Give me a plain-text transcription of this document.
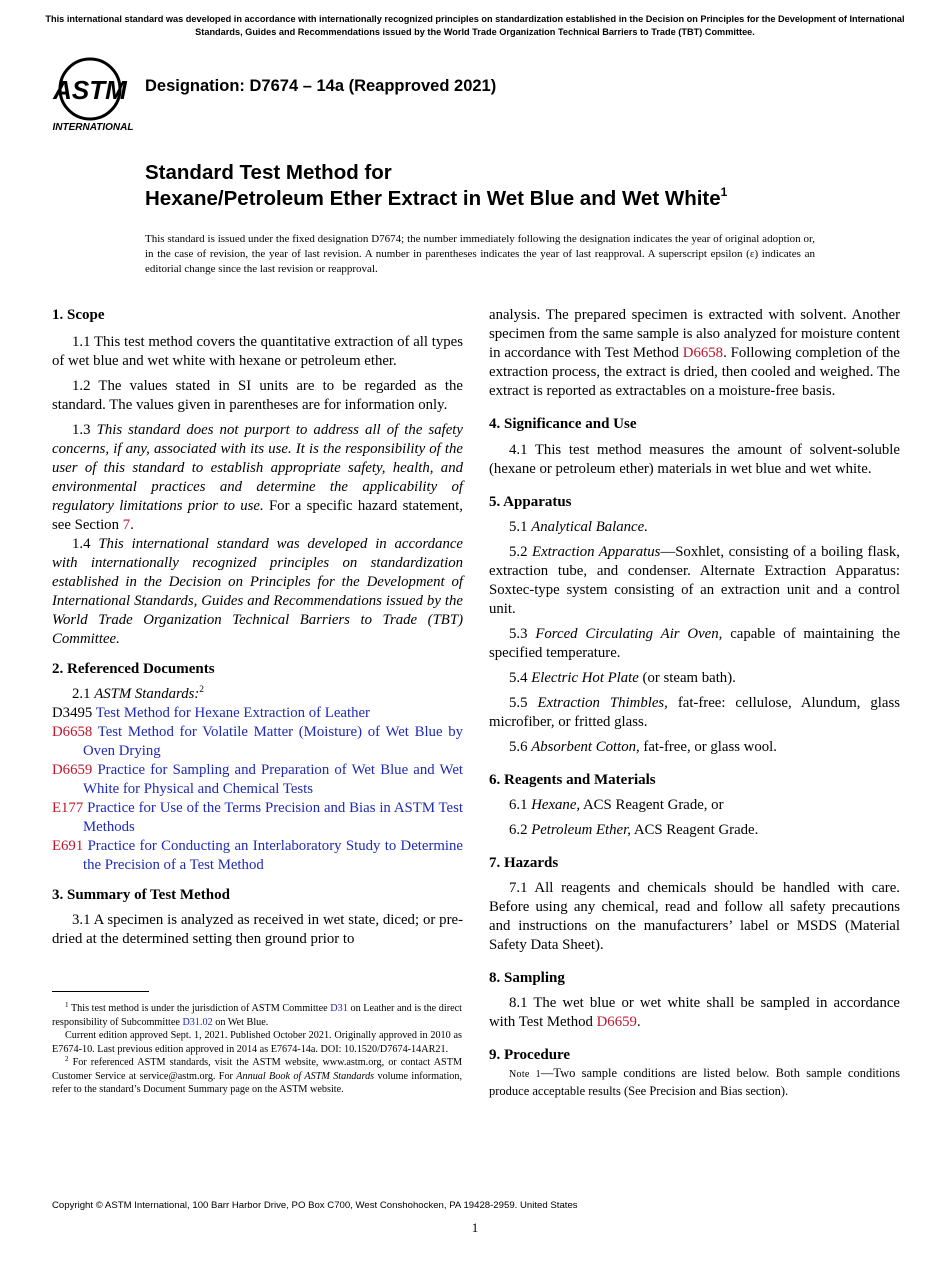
This international standard was developed in accordance with internationally recognized principles on standardization established in the Decision on Principles for the Development of International Standards, Guides and Recommendations issued by the World Trade Organization Technical Barriers to Trade (TBT) Committee.
ASTM
INTERNATIONAL
Designation: D7674 – 14a (Reapproved 2021)
Standard Test Method for
Hexane/Petroleum Ether Extract in Wet Blue and Wet White$^1$
This standard is issued under the fixed designation D7674; the number immediately following the designation indicates the year of original adoption or, in the case of revision, the year of last revision. A number in parentheses indicates the year of last reapproval. A superscript epsilon (ε) indicates an editorial change since the last revision or reapproval.
1. Scope

1.1 This test method covers the quantitative extraction of all types of wet blue and wet white with hexane or petroleum ether.

1.2 The values stated in SI units are to be regarded as the standard. The values given in parentheses are for information only.

1.3 This standard does not purport to address all of the safety concerns, if any, associated with its use. It is the responsibility of the user of this standard to establish appropriate safety, health, and environmental practices and determine the applicability of regulatory limitations prior to use. For a specific hazard statement, see Section 7.

1.4 This international standard was developed in accordance with internationally recognized principles on standardization established in the Decision on Principles for the Development of International Standards, Guides and Recommendations issued by the World Trade Organization Technical Barriers to Trade (TBT) Committee.

2. Referenced Documents

2.1 ASTM Standards:$^2$

D3495 Test Method for Hexane Extraction of Leather

D6658 Test Method for Volatile Matter (Moisture) of Wet Blue by Oven Drying

D6659 Practice for Sampling and Preparation of Wet Blue and Wet White for Physical and Chemical Tests

E177 Practice for Use of the Terms Precision and Bias in ASTM Test Methods

E691 Practice for Conducting an Interlaboratory Study to Determine the Precision of a Test Method

3. Summary of Test Method

3.1 A specimen is analyzed as received in wet state, diced; or pre-dried at the determined setting then ground prior to

$^1$ This test method is under the jurisdiction of ASTM Committee D31 on Leather and is the direct responsibility of Subcommittee D31.02 on Wet Blue.

Current edition approved Sept. 1, 2021. Published October 2021. Originally approved in 2010 as E7674-10. Last previous edition approved in 2014 as E7674-14a. DOI: 10.1520/D7674-14AR21.

$^2$ For referenced ASTM standards, visit the ASTM website, www.astm.org, or contact ASTM Customer Service at service@astm.org. For Annual Book of ASTM Standards volume information, refer to the standard’s Document Summary page on the ASTM website.

analysis. The prepared specimen is extracted with solvent. Another specimen from the same sample is also analyzed for moisture content in accordance with Test Method D6658. Following completion of the extraction process, the extract is dried, then cooled and weighed. The extract is reported as extractables on a moisture-free basis.

4. Significance and Use

4.1 This test method measures the amount of solvent-soluble (hexane or petroleum ether) materials in wet blue and wet white.

5. Apparatus

5.1 Analytical Balance.

5.2 Extraction Apparatus—Soxhlet, consisting of a boiling flask, extraction tube, and condenser. Alternate Extraction Apparatus: Soxtec-type system consisting of an extraction unit and a control unit.

5.3 Forced Circulating Air Oven, capable of maintaining the specified temperature.

5.4 Electric Hot Plate (or steam bath).

5.5 Extraction Thimbles, fat-free: cellulose, Alundum, glass microfiber, or fritted glass.

5.6 Absorbent Cotton, fat-free, or glass wool.

6. Reagents and Materials

6.1 Hexane, ACS Reagent Grade, or

6.2 Petroleum Ether, ACS Reagent Grade.

7. Hazards

7.1 All reagents and chemicals should be handled with care. Before using any chemical, read and follow all safety precautions and instructions on the manufacturers’ label or MSDS (Material Safety Data Sheet).

8. Sampling

8.1 The wet blue or wet white shall be sampled in accordance with Test Method D6659.

9. Procedure

Note 1—Two sample conditions are listed below. Both sample conditions produce acceptable results (See Precision and Bias section).

Copyright © ASTM International, 100 Barr Harbor Drive, PO Box C700, West Conshohocken, PA 19428-2959. United States
1
